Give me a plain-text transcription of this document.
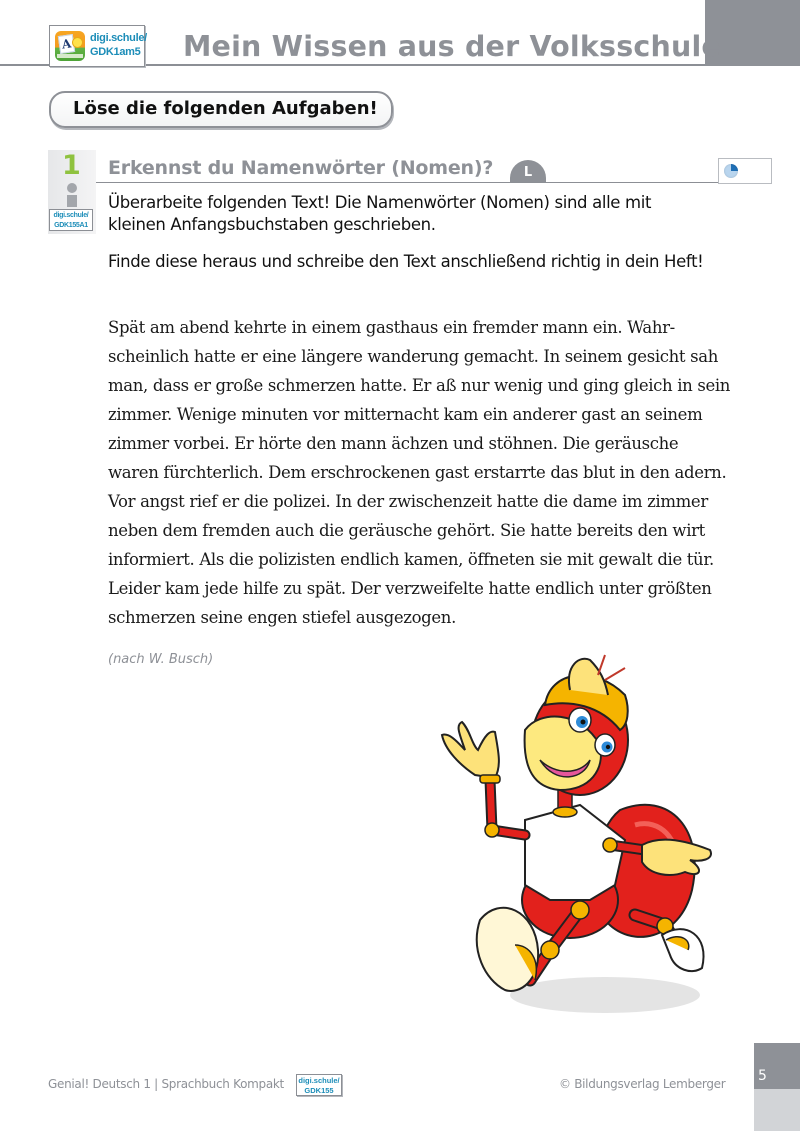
A digi.schule/
GDK1am5 Mein Wissen aus der Volksschule
Löse die folgenden Aufgaben!
1
digi.schule/
GDK155A1
Erkennst du Namenwörter (Nomen)?	L
Überarbeite folgenden Text! Die Namenwörter (Nomen) sind alle mit kleinen Anfangsbuchstaben geschrieben.
Finde diese heraus und schreibe den Text anschließend richtig in dein Heft!
Spät am abend kehrte in einem gasthaus ein fremder mann ein. Wahr-
scheinlich hatte er eine längere wanderung gemacht. In seinem gesicht sah
man, dass er große schmerzen hatte. Er aß nur wenig und ging gleich in sein
zimmer. Wenige minuten vor mitternacht kam ein anderer gast an seinem
zimmer vorbei. Er hörte den mann ächzen und stöhnen. Die geräusche
waren fürchterlich. Dem erschrockenen gast erstarrte das blut in den adern.
Vor angst rief er die polizei. In der zwischenzeit hatte die dame im zimmer
neben dem fremden auch die geräusche gehört. Sie hatte bereits den wirt
informiert. Als die polizisten endlich kamen, öffneten sie mit gewalt die tür.
Leider kam jede hilfe zu spät. Der verzweifelte hatte endlich unter größten
schmerzen seine engen stiefel ausgezogen.
(nach W. Busch)
Genial! Deutsch 1 | Sprachbuch Kompakt digi.schule/
GDK155	© Bildungsverlag Lemberger 5
